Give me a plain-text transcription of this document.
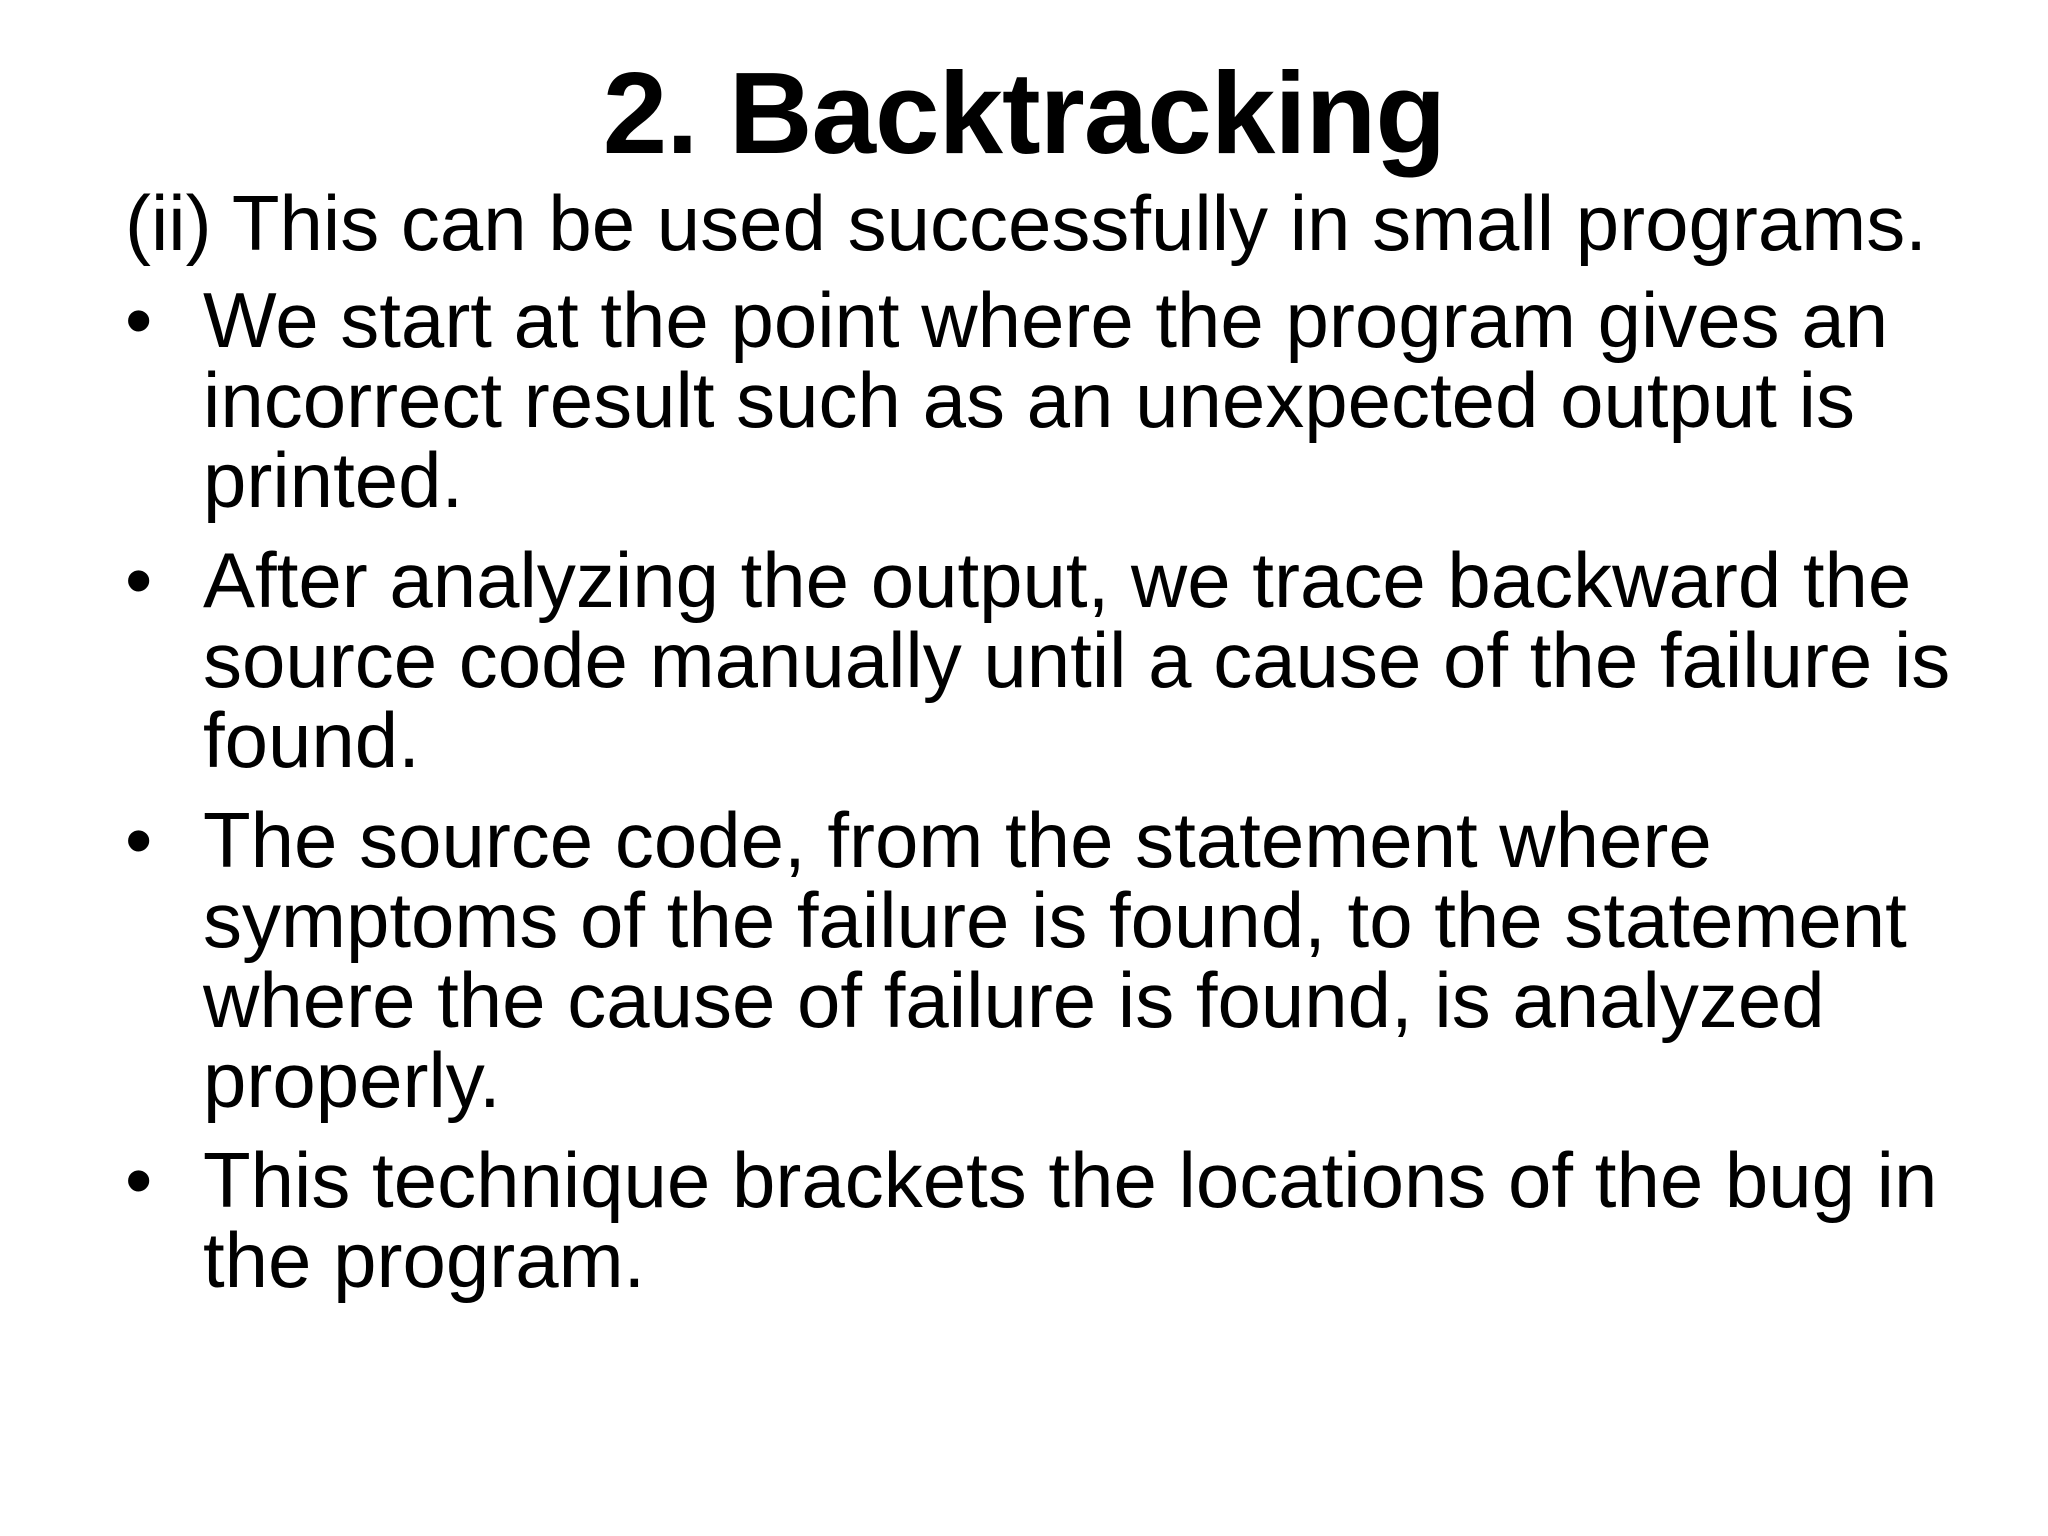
2. Backtracking

(ii) This can be used successfully in small programs.

• We start at the point where the program gives an incorrect result such as an unexpected output is printed.
• After analyzing the output, we trace backward the source code manually until a cause of the failure is found.
• The source code, from the statement where symptoms of the failure is found, to the statement where the cause of failure is found, is analyzed properly.
• This technique brackets the locations of the bug in the program.
